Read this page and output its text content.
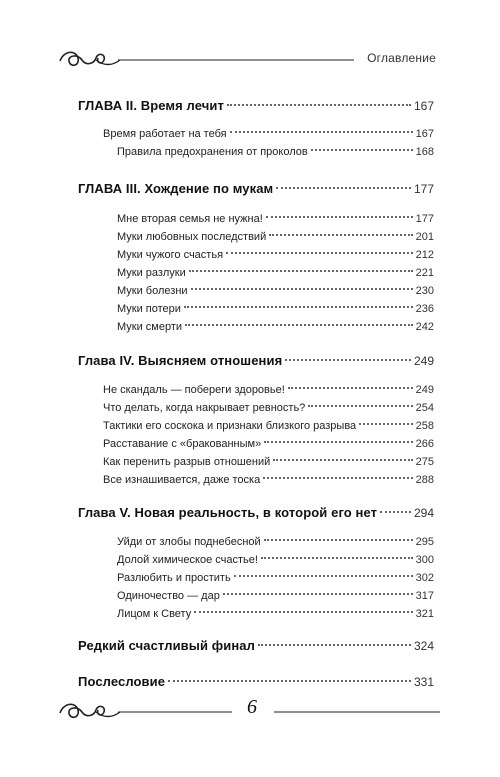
Оглавление
ГЛАВА II. Время лечит	167
Время работает на тебя	167
Правила предохранения от проколов	168
ГЛАВА III. Хождение по мукам	177
Мне вторая семья не нужна!	177
Муки любовных последствий	201
Муки чужого счастья	212
Муки разлуки	221
Муки болезни	230
Муки потери	236
Муки смерти	242
Глава IV. Выясняем отношения	249
Не скандаль — побереги здоровье!	249
Что делать, когда накрывает ревность?	254
Тактики его соскока и признаки близкого разрыва	258
Расставание с «бракованным»	266
Как перенить разрыв отношений	275
Все изнашивается, даже тоска	288
Глава V. Новая реальность, в которой его нет	294
Уйди от злобы поднебесной	295
Долой химическое счастье!	300
Разлюбить и простить	302
Одиночество — дар	317
Лицом к Свету	321
Редкий счастливый финал	324
Послесловие	331
6
